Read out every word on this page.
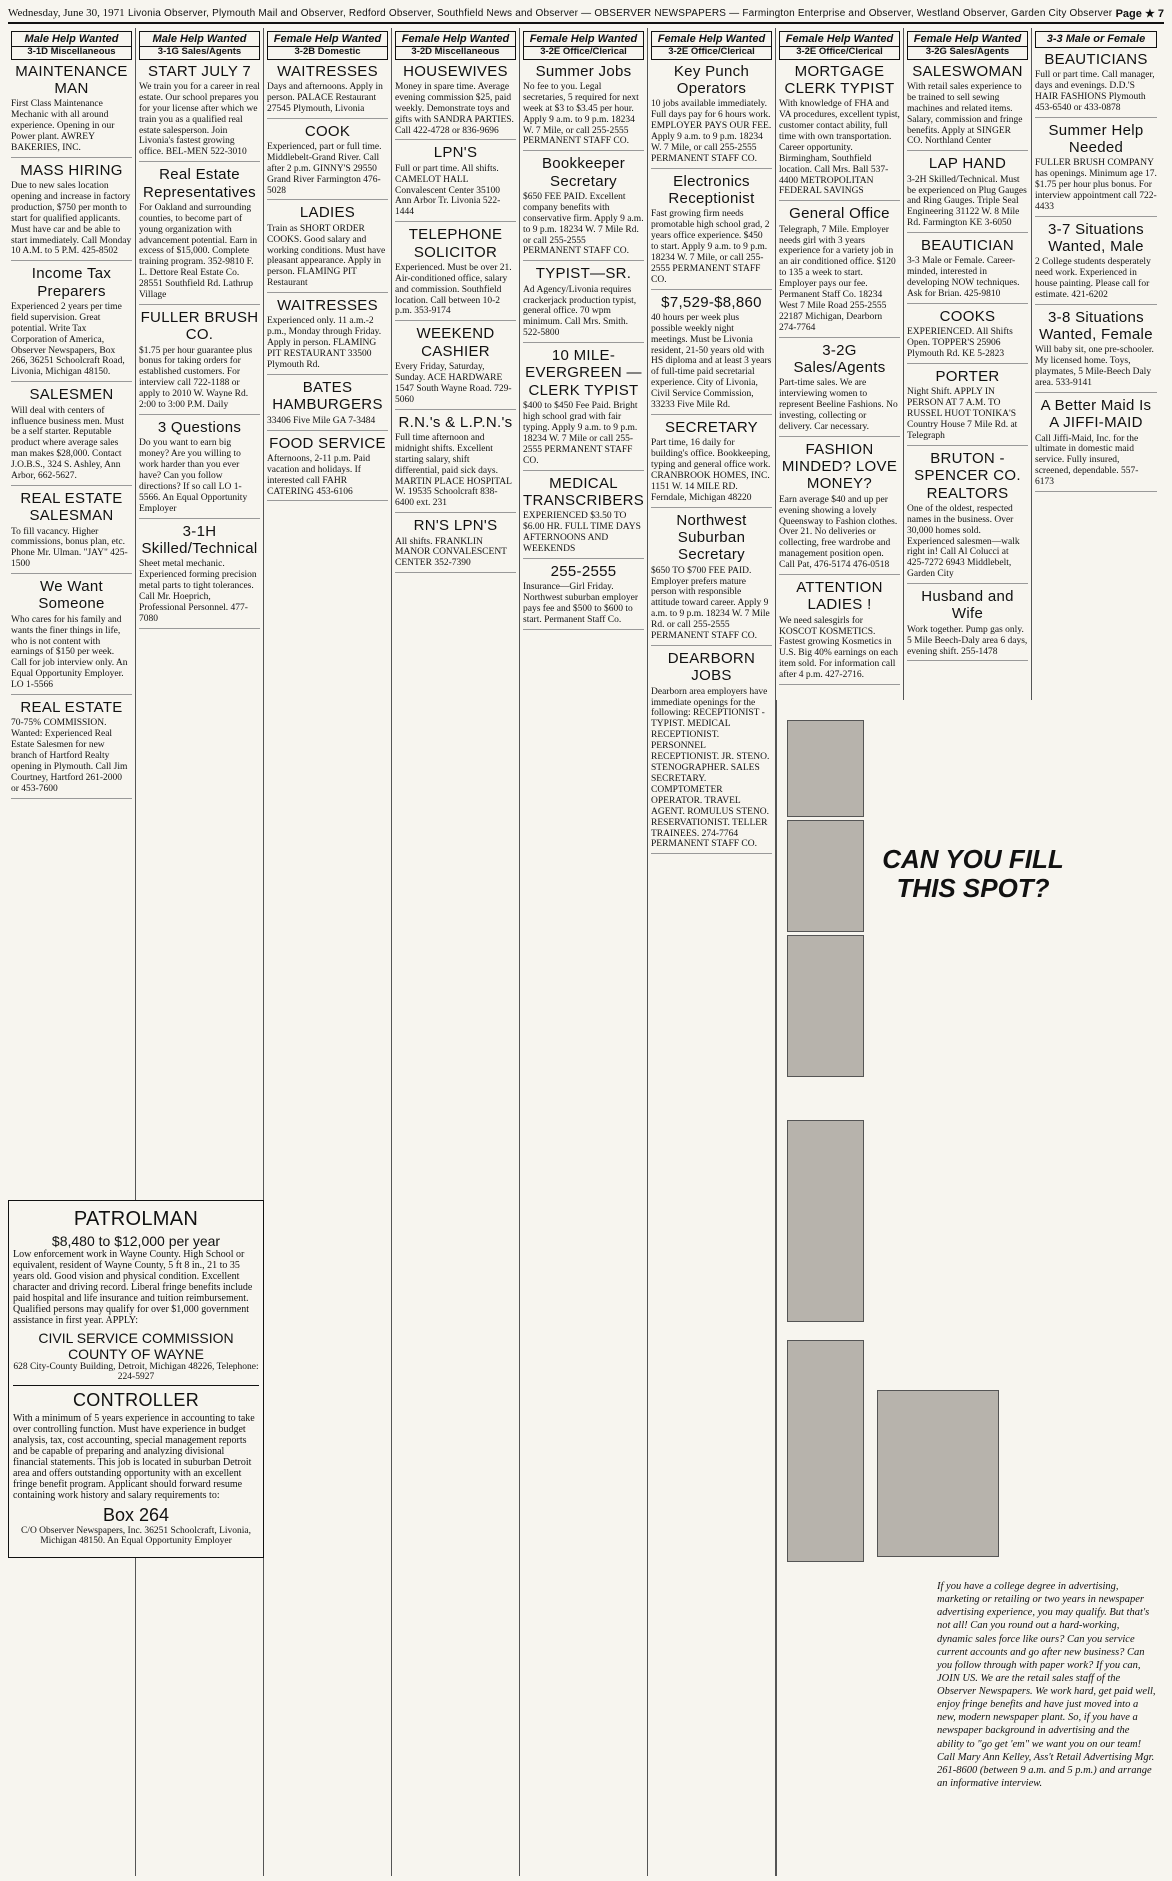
Wednesday, June 30, 1971 Livonia Observer, Plymouth Mail and Observer, Redford Observer, Southfield News and Observer — OBSERVER NEWSPAPERS — Farmington Enterprise and Observer, Westland Observer, Garden City Observer Page ★ 7
Male Help Wanted
3-1D Miscellaneous
MAINTENANCE MAN
First Class Maintenance Mechanic with all around experience. Opening in our Power plant. AWREY BAKERIES, INC.
MASS HIRING
Due to new sales location opening and increase in factory production, $750 per month to start for qualified applicants. Must have car and be able to start immediately. Call Monday 10 A.M. to 5 P.M. 425-8502
Income Tax Preparers
Experienced 2 years per time field supervision. Great potential. Write Tax Corporation of America, Observer Newspapers, Box 266, 36251 Schoolcraft Road, Livonia, Michigan 48150.
SALESMEN
Will deal with centers of influence business men. Must be a self starter. Reputable product where average sales man makes $28,000. Contact J.O.B.S., 324 S. Ashley, Ann Arbor, 662-5627.
REAL ESTATE SALESMAN
To fill vacancy. Higher commissions, bonus plan, etc. Phone Mr. Ulman. "JAY" 425-1500
We Want Someone
Who cares for his family and wants the finer things in life, who is not content with earnings of $150 per week. Call for job interview only. An Equal Opportunity Employer. LO 1-5566
REAL ESTATE
70-75% COMMISSION. Wanted: Experienced Real Estate Salesmen for new branch of Hartford Realty opening in Plymouth. Call Jim Courtney, Hartford 261-2000 or 453-7600
Male Help Wanted
3-1G Sales/Agents
START JULY 7
We train you for a career in real estate. Our school prepares you for your license after which we train you as a qualified real estate salesperson. Join Livonia's fastest growing office. BEL-MEN 522-3010
Real Estate Representatives
For Oakland and surrounding counties, to become part of young organization with advancement potential. Earn in excess of $15,000. Complete training program. 352-9810 F. L. Dettore Real Estate Co. 28551 Southfield Rd. Lathrup Village
FULLER BRUSH CO.
$1.75 per hour guarantee plus bonus for taking orders for established customers. For interview call 722-1188 or apply to 2010 W. Wayne Rd. 2:00 to 3:00 P.M. Daily
3 Questions
Do you want to earn big money? Are you willing to work harder than you ever have? Can you follow directions? If so call LO 1-5566. An Equal Opportunity Employer
3-1H Skilled/Technical
Sheet metal mechanic. Experienced forming precision metal parts to tight tolerances. Call Mr. Hoeprich, Professional Personnel. 477-7080
Female Help Wanted
3-2B Domestic
WAITRESSES
Days and afternoons. Apply in person. PALACE Restaurant 27545 Plymouth, Livonia
COOK
Experienced, part or full time. Middlebelt-Grand River. Call after 2 p.m. GINNY'S 29550 Grand River Farmington 476-5028
LADIES
Train as SHORT ORDER COOKS. Good salary and working conditions. Must have pleasant appearance. Apply in person. FLAMING PIT Restaurant
WAITRESSES
Experienced only. 11 a.m.-2 p.m., Monday through Friday. Apply in person. FLAMING PIT RESTAURANT 33500 Plymouth Rd.
BATES HAMBURGERS
33406 Five Mile GA 7-3484
FOOD SERVICE
Afternoons, 2-11 p.m. Paid vacation and holidays. If interested call FAHR CATERING 453-6106
Female Help Wanted
3-2D Miscellaneous
HOUSEWIVES
Money in spare time. Average evening commission $25, paid weekly. Demonstrate toys and gifts with SANDRA PARTIES. Call 422-4728 or 836-9696
LPN'S
Full or part time. All shifts. CAMELOT HALL Convalescent Center 35100 Ann Arbor Tr. Livonia 522-1444
TELEPHONE SOLICITOR
Experienced. Must be over 21. Air-conditioned office, salary and commission. Southfield location. Call between 10-2 p.m. 353-9174
WEEKEND CASHIER
Every Friday, Saturday, Sunday. ACE HARDWARE 1547 South Wayne Road. 729-5060
R.N.'s & L.P.N.'s
Full time afternoon and midnight shifts. Excellent starting salary, shift differential, paid sick days. MARTIN PLACE HOSPITAL W. 19535 Schoolcraft 838-6400 ext. 231
RN'S LPN'S
All shifts. FRANKLIN MANOR CONVALESCENT CENTER 352-7390
Female Help Wanted
3-2E Office/Clerical
Summer Jobs
No fee to you. Legal secretaries, 5 required for next week at $3 to $3.45 per hour. Apply 9 a.m. to 9 p.m. 18234 W. 7 Mile, or call 255-2555 PERMANENT STAFF CO.
Bookkeeper Secretary
$650 FEE PAID. Excellent company benefits with conservative firm. Apply 9 a.m. to 9 p.m. 18234 W. 7 Mile Rd. or call 255-2555 PERMANENT STAFF CO.
TYPIST—SR.
Ad Agency/Livonia requires crackerjack production typist, general office. 70 wpm minimum. Call Mrs. Smith. 522-5800
10 MILE-EVERGREEN —CLERK TYPIST
$400 to $450 Fee Paid. Bright high school grad with fair typing. Apply 9 a.m. to 9 p.m. 18234 W. 7 Mile or call 255-2555 PERMANENT STAFF CO.
MEDICAL TRANSCRIBERS
EXPERIENCED $3.50 TO $6.00 HR. FULL TIME DAYS AFTERNOONS AND WEEKENDS
255-2555
Insurance—Girl Friday. Northwest suburban employer pays fee and $500 to $600 to start. Permanent Staff Co.
Female Help Wanted
3-2E Office/Clerical
Key Punch Operators
10 jobs available immediately. Full days pay for 6 hours work. EMPLOYER PAYS OUR FEE. Apply 9 a.m. to 9 p.m. 18234 W. 7 Mile, or call 255-2555 PERMANENT STAFF CO.
Electronics Receptionist
Fast growing firm needs promotable high school grad, 2 years office experience. $450 to start. Apply 9 a.m. to 9 p.m. 18234 W. 7 Mile, or call 255-2555 PERMANENT STAFF CO.
$7,529-$8,860
40 hours per week plus possible weekly night meetings. Must be Livonia resident, 21-50 years old with HS diploma and at least 3 years of full-time paid secretarial experience. City of Livonia, Civil Service Commission, 33233 Five Mile Rd.
SECRETARY
Part time, 16 daily for building's office. Bookkeeping, typing and general office work. CRANBROOK HOMES, INC. 1151 W. 14 MILE RD. Ferndale, Michigan 48220
Northwest Suburban Secretary
$650 TO $700 FEE PAID. Employer prefers mature person with responsible attitude toward career. Apply 9 a.m. to 9 p.m. 18234 W. 7 Mile Rd. or call 255-2555 PERMANENT STAFF CO.
DEARBORN JOBS
Dearborn area employers have immediate openings for the following: RECEPTIONIST - TYPIST. MEDICAL RECEPTIONIST. PERSONNEL RECEPTIONIST. JR. STENO. STENOGRAPHER. SALES SECRETARY. COMPTOMETER OPERATOR. TRAVEL AGENT. ROMULUS STENO. RESERVATIONIST. TELLER TRAINEES. 274-7764 PERMANENT STAFF CO.
Female Help Wanted
3-2E Office/Clerical
MORTGAGE CLERK TYPIST
With knowledge of FHA and VA procedures, excellent typist, customer contact ability, full time with own transportation. Career opportunity. Birmingham, Southfield location. Call Mrs. Ball 537-4400 METROPOLITAN FEDERAL SAVINGS
General Office
Telegraph, 7 Mile. Employer needs girl with 3 years experience for a variety job in an air conditioned office. $120 to 135 a week to start. Employer pays our fee. Permanent Staff Co. 18234 West 7 Mile Road 255-2555 22187 Michigan, Dearborn 274-7764
3-2G Sales/Agents
Part-time sales. We are interviewing women to represent Beeline Fashions. No investing, collecting or delivery. Car necessary.
FASHION MINDED? LOVE MONEY?
Earn average $40 and up per evening showing a lovely Queensway to Fashion clothes. Over 21. No deliveries or collecting, free wardrobe and management position open. Call Pat, 476-5174 476-0518
ATTENTION LADIES !
We need salesgirls for KOSCOT KOSMETICS. Fastest growing Kosmetics in U.S. Big 40% earnings on each item sold. For information call after 4 p.m. 427-2716.
Female Help Wanted
3-2G Sales/Agents
SALESWOMAN
With retail sales experience to be trained to sell sewing machines and related items. Salary, commission and fringe benefits. Apply at SINGER CO. Northland Center
LAP HAND
3-2H Skilled/Technical. Must be experienced on Plug Gauges and Ring Gauges. Triple Seal Engineering 31122 W. 8 Mile Rd. Farmington KE 3-6050
BEAUTICIAN
3-3 Male or Female. Career-minded, interested in developing NOW techniques. Ask for Brian. 425-9810
COOKS
EXPERIENCED. All Shifts Open. TOPPER'S 25906 Plymouth Rd. KE 5-2823
PORTER
Night Shift. APPLY IN PERSON AT 7 A.M. TO RUSSEL HUOT TONIKA'S Country House 7 Mile Rd. at Telegraph
BRUTON - SPENCER CO. REALTORS
One of the oldest, respected names in the business. Over 30,000 homes sold. Experienced salesmen—walk right in! Call Al Colucci at 425-7272 6943 Middlebelt, Garden City
Husband and Wife
Work together. Pump gas only. 5 Mile Beech-Daly area 6 days, evening shift. 255-1478
3-3 Male or Female
BEAUTICIANS
Full or part time. Call manager, days and evenings. D.D.'S HAIR FASHIONS Plymouth 453-6540 or 433-0878
Summer Help Needed
FULLER BRUSH COMPANY has openings. Minimum age 17. $1.75 per hour plus bonus. For interview appointment call 722-4433
3-7 Situations Wanted, Male
2 College students desperately need work. Experienced in house painting. Please call for estimate. 421-6202
3-8 Situations Wanted, Female
Will baby sit, one pre-schooler. My licensed home. Toys, playmates, 5 Mile-Beech Daly area. 533-9141
A Better Maid Is A JIFFI-MAID
Call Jiffi-Maid, Inc. for the ultimate in domestic maid service. Fully insured, screened, dependable. 557-6173
PATROLMAN
$8,480 to $12,000 per year
Low enforcement work in Wayne County. High School or equivalent, resident of Wayne County, 5 ft 8 in., 21 to 35 years old. Good vision and physical condition. Excellent character and driving record. Liberal fringe benefits include paid hospital and life insurance and tuition reimbursement. Qualified persons may qualify for over $1,000 government assistance in first year. APPLY:
CIVIL SERVICE COMMISSION COUNTY OF WAYNE
628 City-County Building, Detroit, Michigan 48226, Telephone: 224-5927
CONTROLLER
With a minimum of 5 years experience in accounting to take over controlling function. Must have experience in budget analysis, tax, cost accounting, special management reports and be capable of preparing and analyzing divisional financial statements. This job is located in suburban Detroit area and offers outstanding opportunity with an excellent fringe benefit program. Applicant should forward resume containing work history and salary requirements to:
Box 264
C/O Observer Newspapers, Inc. 36251 Schoolcraft, Livonia, Michigan 48150. An Equal Opportunity Employer
CAN YOU FILL THIS SPOT?
If you have a college degree in advertising, marketing or retailing or two years in newspaper advertising experience, you may qualify. But that's not all! Can you round out a hard-working, dynamic sales force like ours? Can you service current accounts and go after new business? Can you follow through with paper work? If you can, JOIN US. We are the retail sales staff of the Observer Newspapers. We work hard, get paid well, enjoy fringe benefits and have just moved into a new, modern newspaper plant. So, if you have a newspaper background in advertising and the ability to "go get 'em" we want you on our team! Call Mary Ann Kelley, Ass't Retail Advertising Mgr. 261-8600 (between 9 a.m. and 5 p.m.) and arrange an informative interview.
